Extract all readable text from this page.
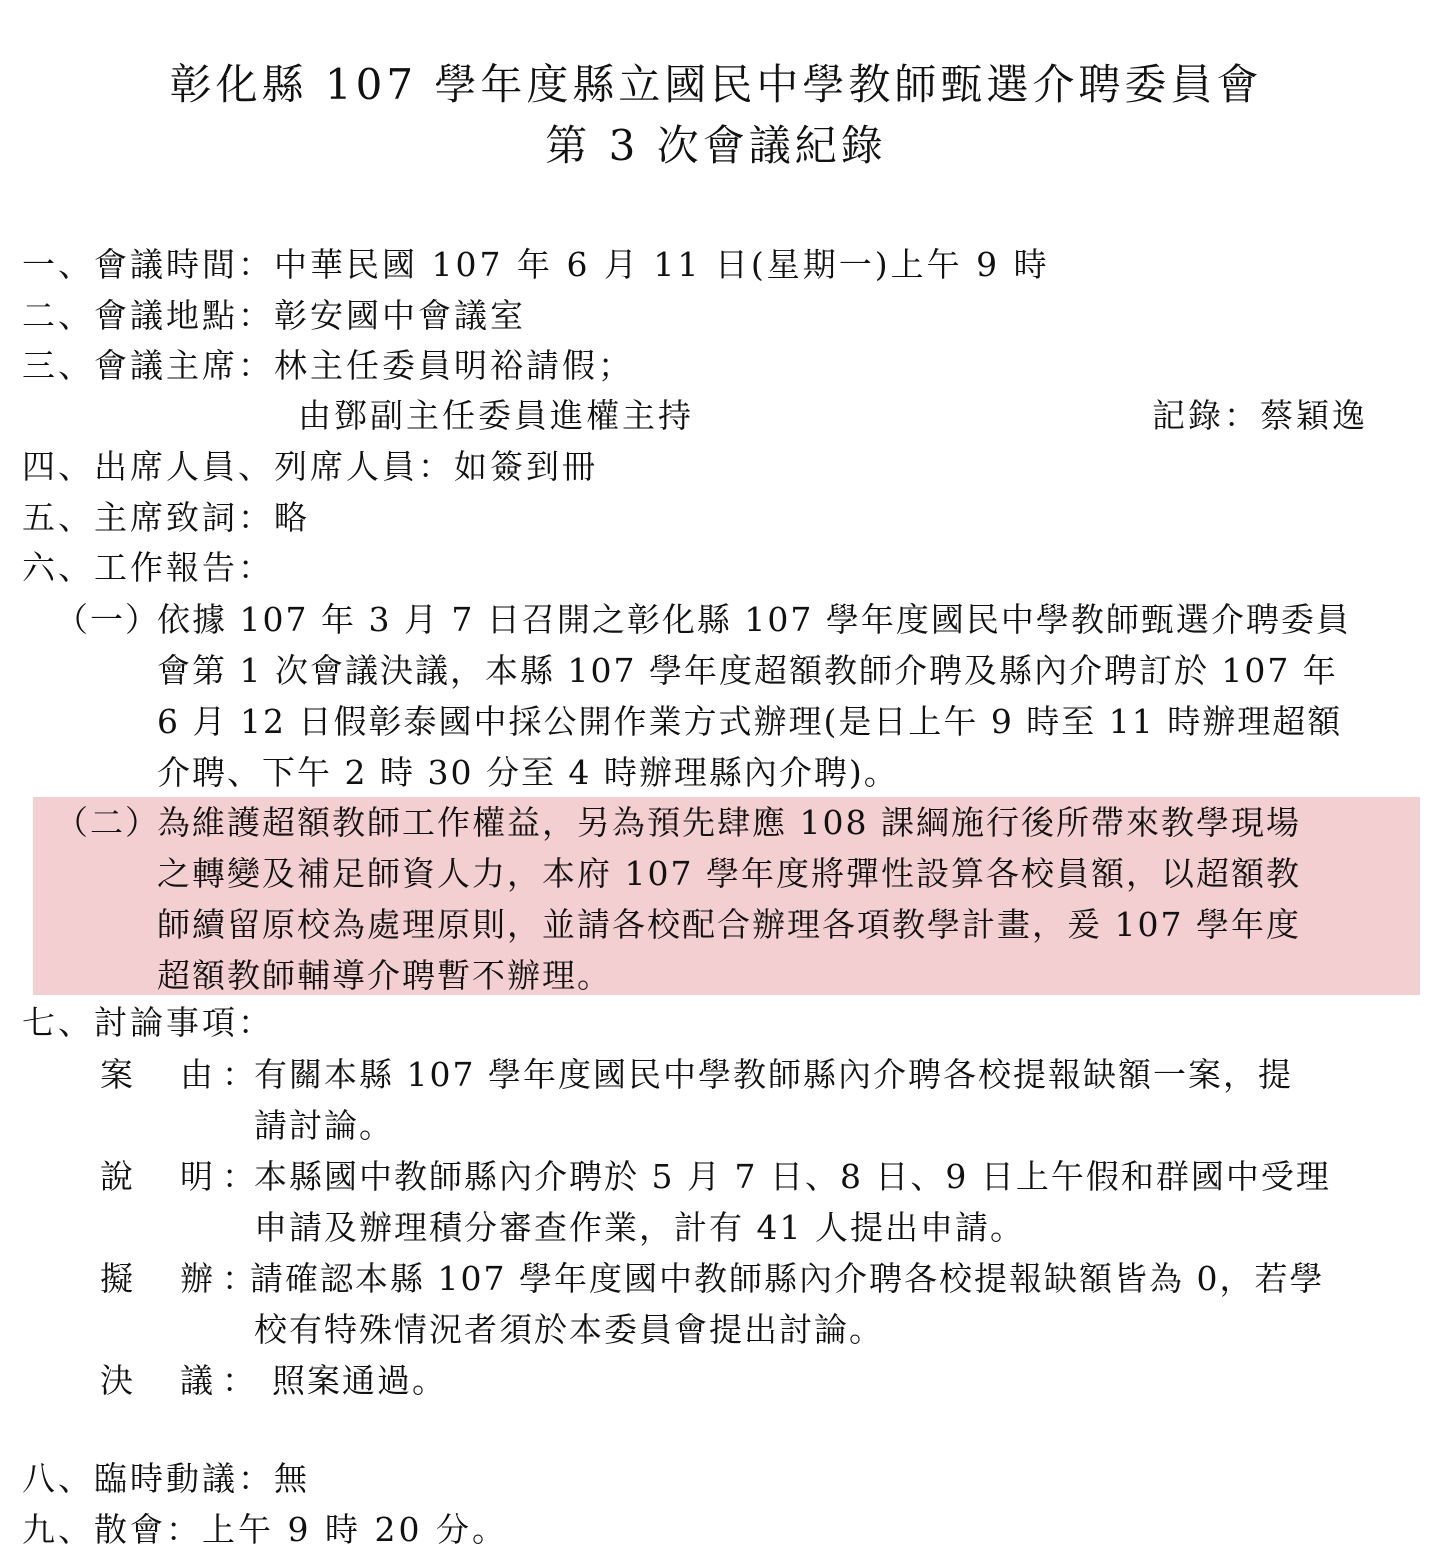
彰化縣 107 學年度縣立國民中學教師甄選介聘委員會
第 3 次會議紀錄
一、會議時間：中華民國 107 年 6 月 11 日(星期一)上午 9 時
二、會議地點：彰安國中會議室
三、會議主席：林主任委員明裕請假；
由鄧副主任委員進權主持	記錄：蔡穎逸
四、出席人員、列席人員：如簽到冊
五、主席致詞：略
六、工作報告：
（一）
依據 107 年 3 月 7 日召開之彰化縣 107 學年度國民中學教師甄選介聘委員
會第 1 次會議決議，本縣 107 學年度超額教師介聘及縣內介聘訂於 107 年
6 月 12 日假彰泰國中採公開作業方式辦理(是日上午 9 時至 11 時辦理超額
介聘、下午 2 時 30 分至 4 時辦理縣內介聘)。
（二）
為維護超額教師工作權益，另為預先肆應 108 課綱施行後所帶來教學現場
之轉變及補足師資人力，本府 107 學年度將彈性設算各校員額，以超額教
師續留原校為處理原則，並請各校配合辦理各項教學計畫，爰 107 學年度
超額教師輔導介聘暫不辦理。
七、討論事項：
案 由 ： 有關本縣 107 學年度國民中學教師縣內介聘各校提報缺額一案，提
請討論。
說 明 ： 本縣國中教師縣內介聘於 5 月 7 日、8 日、9 日上午假和群國中受理
申請及辦理積分審查作業，計有 41 人提出申請。
擬 辦 ：
請確認本縣 107 學年度國中教師縣內介聘各校提報缺額皆為 0，若學
校有特殊情況者須於本委員會提出討論。
決 議 ： 照案通過。
八、臨時動議：無
九、散會：上午 9 時 20 分。
